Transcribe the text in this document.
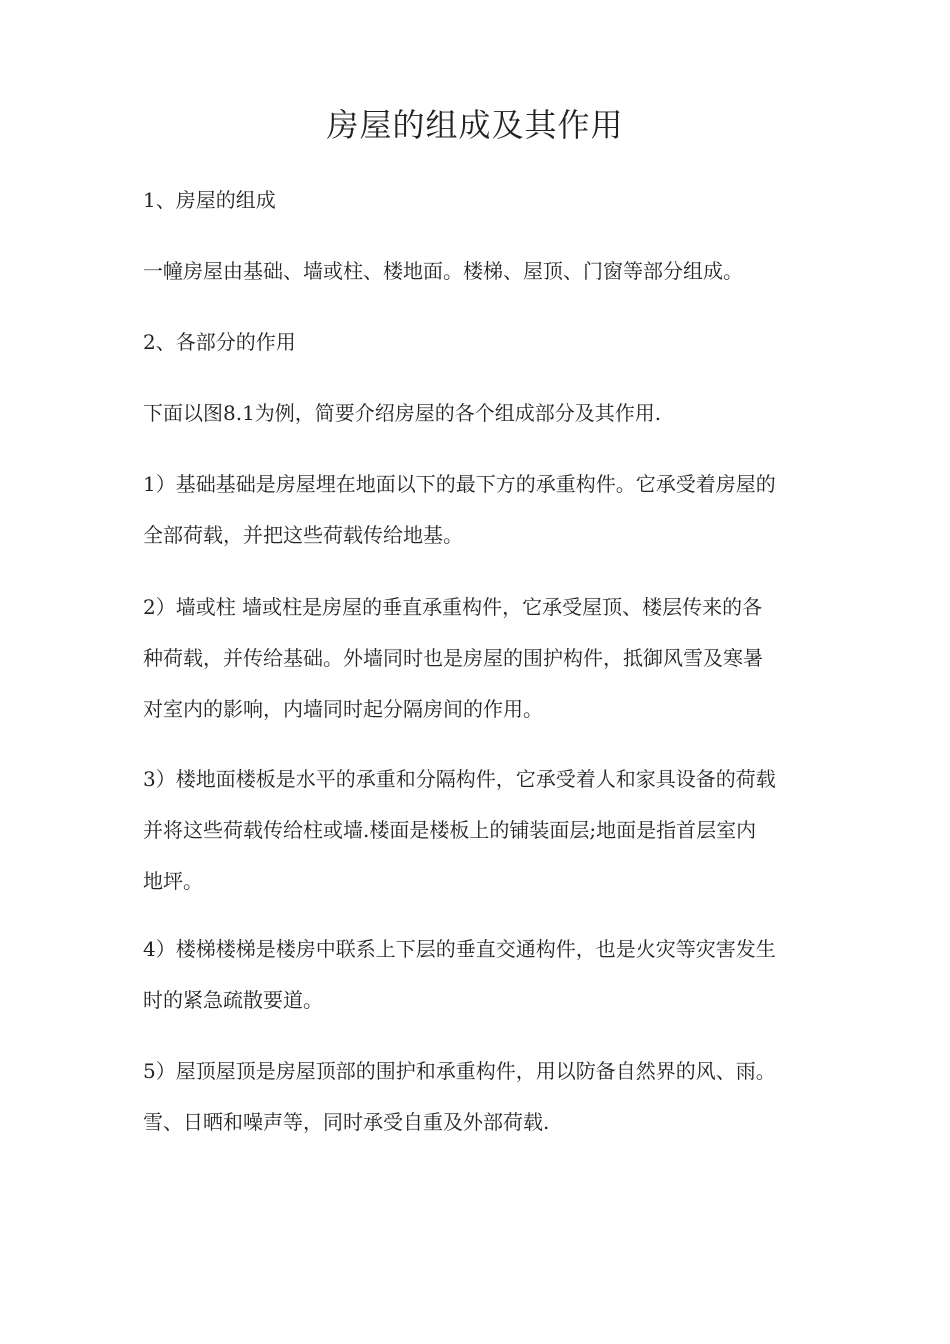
房屋的组成及其作用

1、房屋的组成

一幢房屋由基础、墙或柱、楼地面。楼梯、屋顶、门窗等部分组成。

2、各部分的作用

下面以图8.1为例，简要介绍房屋的各个组成部分及其作用.

1）基础基础是房屋埋在地面以下的最下方的承重构件。它承受着房屋的
全部荷载，并把这些荷载传给地基。
2）墙或柱 墙或柱是房屋的垂直承重构件，它承受屋顶、楼层传来的各
种荷载，并传给基础。外墙同时也是房屋的围护构件，抵御风雪及寒暑
对室内的影响，内墙同时起分隔房间的作用。
3）楼地面楼板是水平的承重和分隔构件，它承受着人和家具设备的荷载
并将这些荷载传给柱或墙.楼面是楼板上的铺装面层;地面是指首层室内
地坪。
4）楼梯楼梯是楼房中联系上下层的垂直交通构件，也是火灾等灾害发生
时的紧急疏散要道。
5）屋顶屋顶是房屋顶部的围护和承重构件，用以防备自然界的风、雨。
雪、日晒和噪声等，同时承受自重及外部荷载.
